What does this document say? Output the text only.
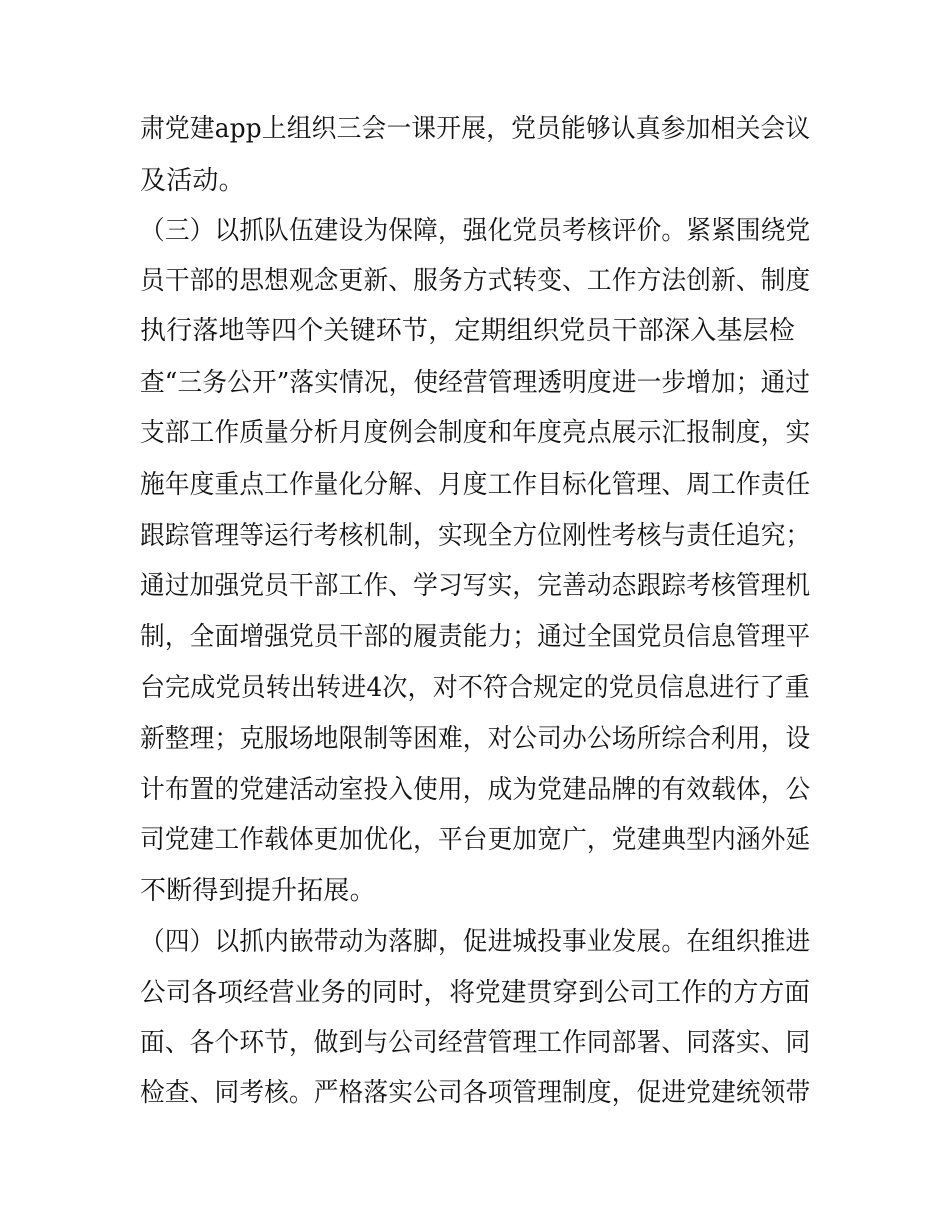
肃党建app上组织三会一课开展，党员能够认真参加相关会议
及活动。
（三）以抓队伍建设为保障，强化党员考核评价。紧紧围绕党
员干部的思想观念更新、服务方式转变、工作方法创新、制度
执行落地等四个关键环节，定期组织党员干部深入基层检
查“三务公开”落实情况，使经营管理透明度进一步增加；通过
支部工作质量分析月度例会制度和年度亮点展示汇报制度，实
施年度重点工作量化分解、月度工作目标化管理、周工作责任
跟踪管理等运行考核机制，实现全方位刚性考核与责任追究；
通过加强党员干部工作、学习写实，完善动态跟踪考核管理机
制，全面增强党员干部的履责能力；通过全国党员信息管理平
台完成党员转出转进4次，对不符合规定的党员信息进行了重
新整理；克服场地限制等困难，对公司办公场所综合利用，设
计布置的党建活动室投入使用，成为党建品牌的有效载体，公
司党建工作载体更加优化，平台更加宽广，党建典型内涵外延
不断得到提升拓展。
（四）以抓内嵌带动为落脚，促进城投事业发展。在组织推进
公司各项经营业务的同时，将党建贯穿到公司工作的方方面
面、各个环节，做到与公司经营管理工作同部署、同落实、同
检查、同考核。严格落实公司各项管理制度，促进党建统领带
